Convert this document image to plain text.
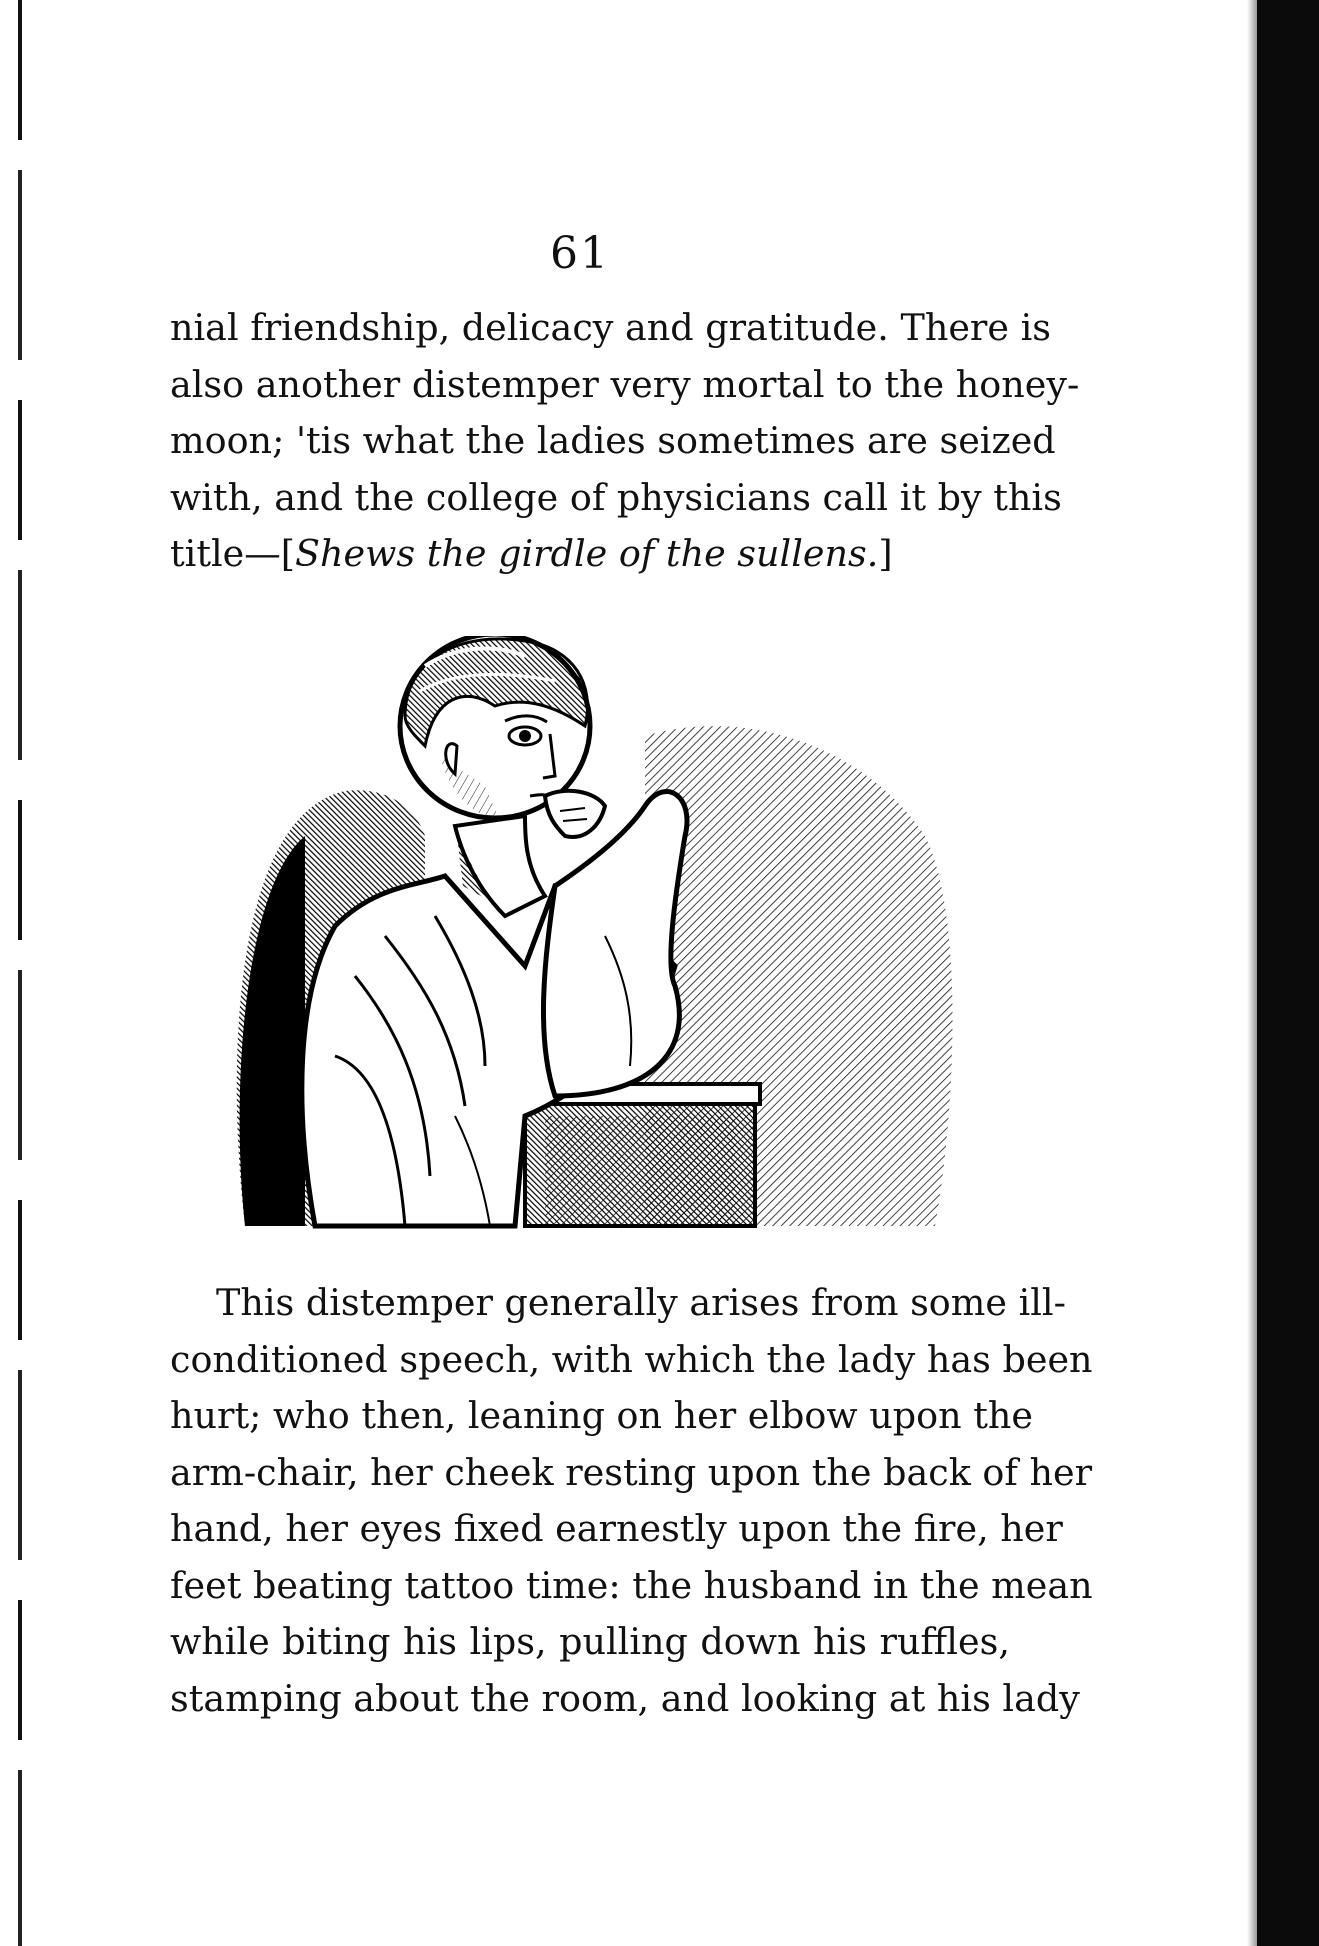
61
nial friendship, delicacy and gratitude. There is
also another distemper very mortal to the honey-
moon; 'tis what the ladies sometimes are seized
with, and the college of physicians call it by this
title—[Shews the girdle of the sullens.]
This distemper generally arises from some ill-
conditioned speech, with which the lady has been
hurt; who then, leaning on her elbow upon the
arm-chair, her cheek resting upon the back of her
hand, her eyes fixed earnestly upon the fire, her
feet beating tattoo time: the husband in the mean
while biting his lips, pulling down his ruffles,
stamping about the room, and looking at his lady
